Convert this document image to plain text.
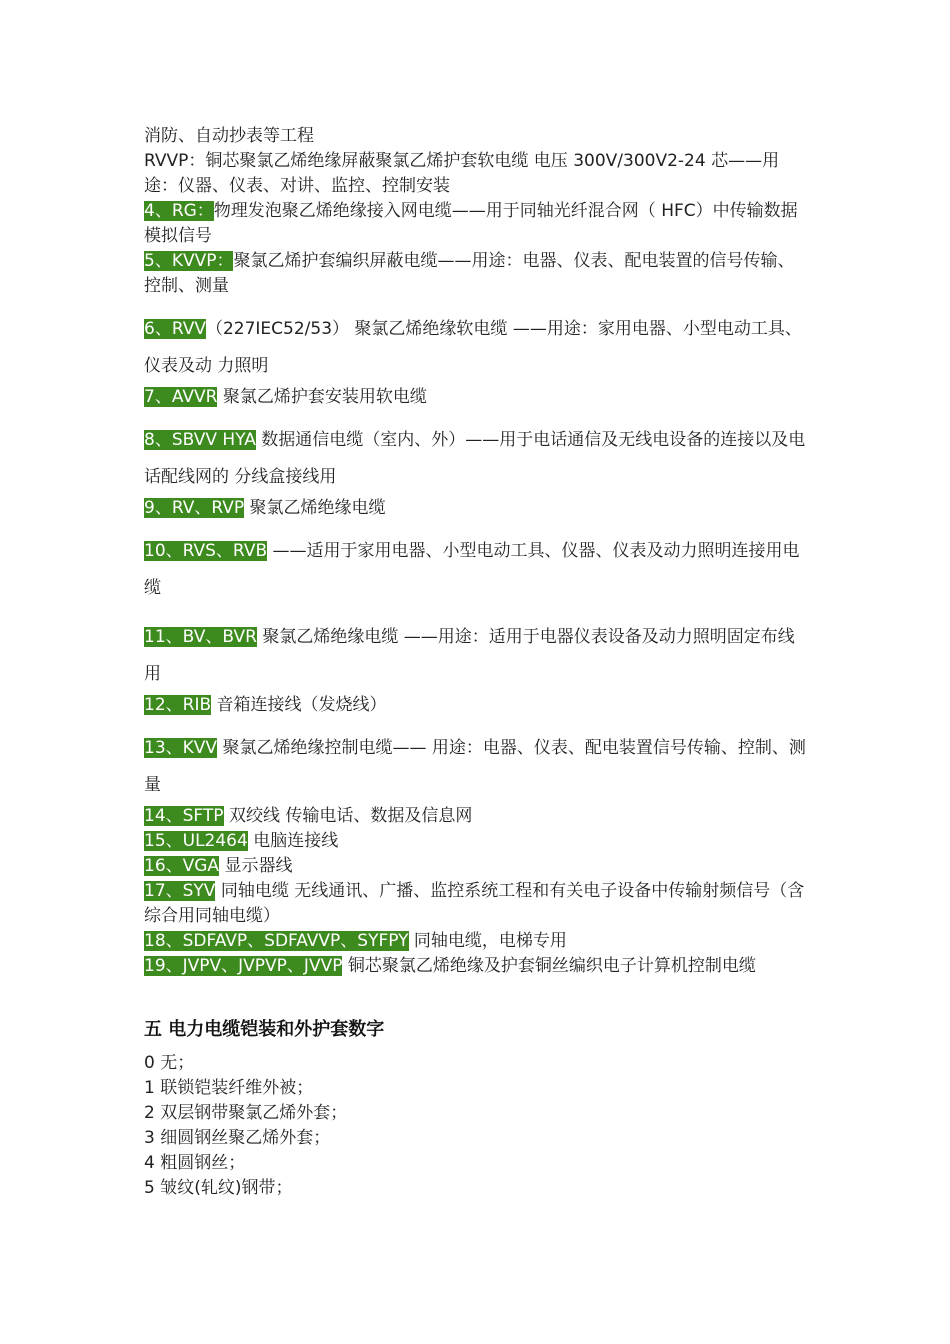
消防、自动抄表等工程

RVVP：铜芯聚氯乙烯绝缘屏蔽聚氯乙烯护套软电缆 电压 300V/300V2-24 芯——用途：仪器、仪表、对讲、监控、控制安装

4、RG：物理发泡聚乙烯绝缘接入网电缆——用于同轴光纤混合网（ HFC）中传输数据模拟信号

5、KVVP：聚氯乙烯护套编织屏蔽电缆——用途：电器、仪表、配电装置的信号传输、控制、测量

6、RVV（227IEC52/53） 聚氯乙烯绝缘软电缆 ——用途：家用电器、小型电动工具、仪表及动 力照明

7、AVVR 聚氯乙烯护套安装用软电缆

8、SBVV HYA 数据通信电缆（室内、外）——用于电话通信及无线电设备的连接以及电话配线网的 分线盒接线用

9、RV、RVP 聚氯乙烯绝缘电缆

10、RVS、RVB ——适用于家用电器、小型电动工具、仪器、仪表及动力照明连接用电缆

11、BV、BVR 聚氯乙烯绝缘电缆 ——用途：适用于电器仪表设备及动力照明固定布线用

12、RIB 音箱连接线（发烧线）

13、KVV 聚氯乙烯绝缘控制电缆—— 用途：电器、仪表、配电装置信号传输、控制、测量

14、SFTP 双绞线 传输电话、数据及信息网

15、UL2464 电脑连接线

16、VGA 显示器线

17、SYV 同轴电缆 无线通讯、广播、监控系统工程和有关电子设备中传输射频信号（含综合用同轴电缆）

18、SDFAVP、SDFAVVP、SYFPY 同轴电缆，电梯专用

19、JVPV、JVPVP、JVVP 铜芯聚氯乙烯绝缘及护套铜丝编织电子计算机控制电缆

五 电力电缆铠装和外护套数字

0 无；

1 联锁铠装纤维外被；

2 双层钢带聚氯乙烯外套；

3 细圆钢丝聚乙烯外套；

4 粗圆钢丝；

5 皱纹(轧纹)钢带；
